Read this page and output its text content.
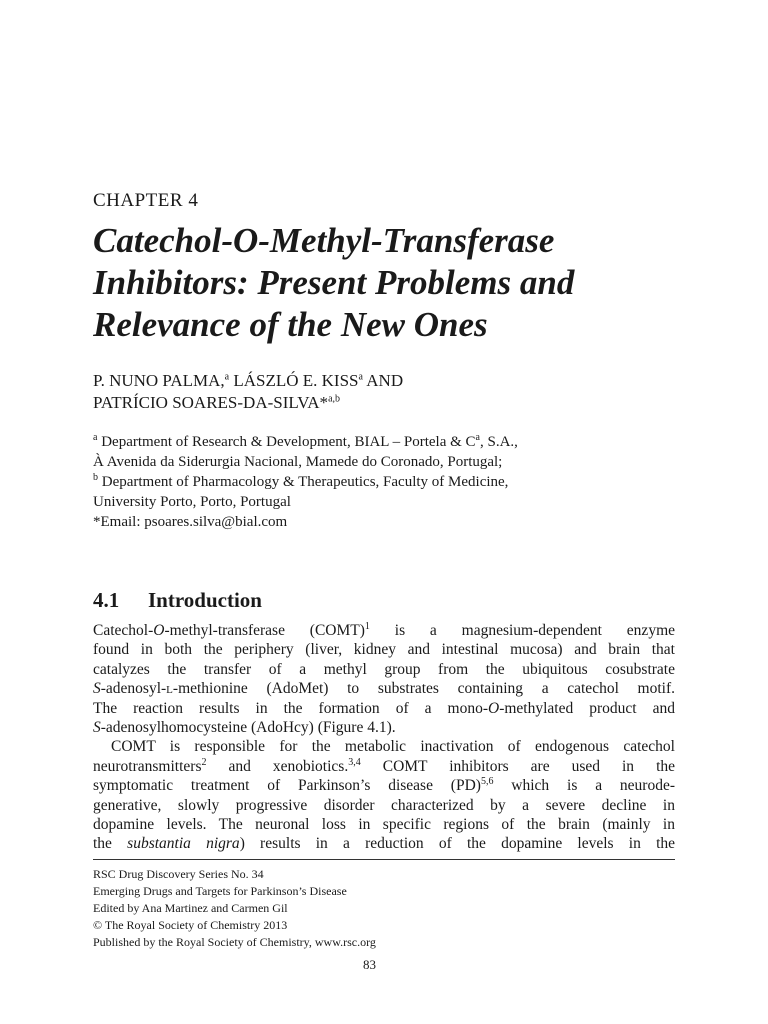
CHAPTER 4
Catechol-O-Methyl-Transferase
Inhibitors: Present Problems and
Relevance of the New Ones
P. NUNO PALMA,$^a$ LÁSZLÓ E. KISS$^a$ AND
PATRÍCIO SOARES-DA-SILVA*$^{a,b}$
$^a$ Department of Research & Development, BIAL – Portela & $C^a$, S.A.,
À Avenida da Siderurgia Nacional, Mamede do Coronado, Portugal;
$^b$ Department of Pharmacology & Therapeutics, Faculty of Medicine,
University Porto, Porto, Portugal
*Email: psoares.silva@bial.com
4.1 Introduction
Catechol-O-methyl-transferase (COMT)$^1$ is a magnesium-dependent enzyme
found in both the periphery (liver, kidney and intestinal mucosa) and brain that
catalyzes the transfer of a methyl group from the ubiquitous cosubstrate
S-adenosyl-l-methionine (AdoMet) to substrates containing a catechol motif.
The reaction results in the formation of a mono-O-methylated product and
S-adenosylhomocysteine (AdoHcy) (Figure 4.1).
COMT is responsible for the metabolic inactivation of endogenous catechol
neurotransmitters$^2$ and xenobiotics.$^{3,4}$ COMT inhibitors are used in the
symptomatic treatment of Parkinson’s disease (PD)$^{5,6}$ which is a neurode-
generative, slowly progressive disorder characterized by a severe decline in
dopamine levels. The neuronal loss in specific regions of the brain (mainly in
the substantia nigra) results in a reduction of the dopamine levels in the
RSC Drug Discovery Series No. 34
Emerging Drugs and Targets for Parkinson’s Disease
Edited by Ana Martinez and Carmen Gil
© The Royal Society of Chemistry 2013
Published by the Royal Society of Chemistry, www.rsc.org
83
